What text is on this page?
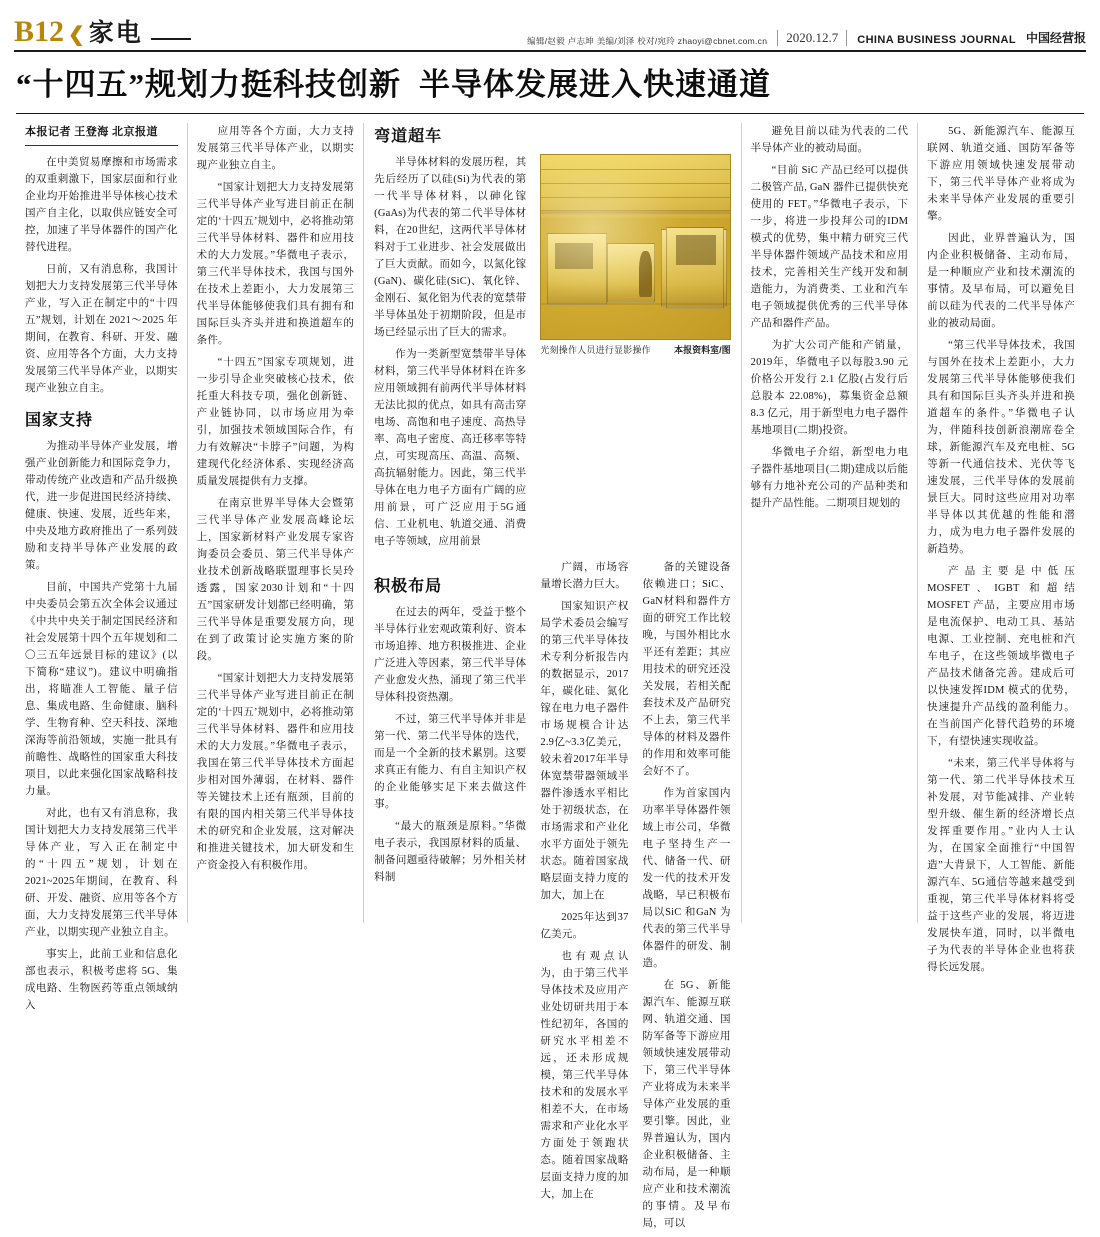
B12 ❮ 家电	编辑/赵毅 卢志坤 美编/刘泽 校对/宛玲 zhaoyi@cbnet.com.cn	2020.12.7	CHINA BUSINESS JOURNAL 中国经营报
“十四五”规划力挺科技创新 半导体发展进入快速通道
本报记者 王登海 北京报道

在中美贸易摩擦和市场需求的双重刺激下，国家层面和行业企业均开始推进半导体核心技术国产自主化，以取供应链安全可控，加速了半导体器件的国产化替代进程。

日前，又有消息称，我国计划把大力支持发展第三代半导体产业，写入正在制定中的“十四五”规划，计划在 2021～2025 年期间，在教育、科研、开发、融资、应用等各个方面，大力支持发展第三代半导体产业，以期实现产业独立自主。

国家支持

为推动半导体产业发展，增强产业创新能力和国际竞争力，带动传统产业改造和产品升级换代，进一步促进国民经济持续、健康、快速、发展，近些年来，中央及地方政府推出了一系列鼓励和支持半导体产业发展的政策。

目前，中国共产党第十九届中央委员会第五次全体会议通过《中共中央关于制定国民经济和社会发展第十四个五年规划和二〇三五年远景目标的建议》(以下简称“建议”)。建议中明确指出，将瞄准人工智能、量子信息、集成电路、生命健康、脑科学、生物育种、空天科技、深地深海等前沿领域，实施一批具有前瞻性、战略性的国家重大科技项目，以此来强化国家战略科技力量。

对此，也有又有消息称，我国计划把大力支持发展第三代半导体产业，写入正在制定中的“十四五”规划，计划在2021~2025年期间，在教育、科研、开发、融资、应用等各个方面，大力支持发展第三代半导体产业，以期实现产业独立自主。

事实上，此前工业和信息化部也表示，积极考虑将 5G、集成电路、生物医药等重点领域纳入

应用等各个方面，大力支持发展第三代半导体产业，以期实现产业独立自主。

“国家计划把大力支持发展第三代半导体产业写进目前正在制定的‘十四五’规划中，必将推动第三代半导体材料、器件和应用技术的大力发展。”华微电子表示，第三代半导体技术，我国与国外在技术上差距小，大力发展第三代半导体能够使我们具有拥有和国际巨头齐头并进和换道超车的条件。

“十四五”国家专项规划，进一步引导企业突破核心技术，依托重大科技专项，强化创新链、产业链协同，以市场应用为牵引，加强技术领域国际合作，有力有效解决“卡脖子”问题，为构建现代化经济体系、实现经济高质量发展提供有力支撑。

在南京世界半导体大会暨第三代半导体产业发展高峰论坛上，国家新材料产业发展专家咨询委员会委员、第三代半导体产业技术创新战略联盟理事长吴玲透露，国家2030计划和“十四五”国家研发计划都已经明确，第三代半导体是重要发展方向，现在到了政策讨论实施方案的阶段。

“国家计划把大力支持发展第三代半导体产业写进目前正在制定的‘十四五’规划中，必将推动第三代半导体材料、器件和应用技术的大力发展。”华微电子表示，我国在第三代半导体技术方面起步相对国外薄弱，在材料、器件等关键技术上还有瓶颈，目前的有限的国内相关第三代半导体技术的研究和企业发展，这对解决和推进关键技术，加大研发和生产资金投入有积极作用。

弯道超车

半导体材料的发展历程，其先后经历了以硅(Si)为代表的第一代半导体材料，以砷化镓(GaAs)为代表的第二代半导体材料，在20世纪，这两代半导体材料对于工业进步、社会发展做出了巨大贡献。而如今，以氮化镓(GaN)、碳化硅(SiC)、氧化锌、金刚石、氮化铝为代表的宽禁带半导体虽处于初期阶段，但是市场已经显示出了巨大的需求。

作为一类新型宽禁带半导体材料，第三代半导体材料在许多应用领域拥有前两代半导体材料无法比拟的优点，如具有高击穿电场、高饱和电子速度、高热导率、高电子密度、高迁移率等特点，可实现高压、高温、高频、高抗辐射能力。因此，第三代半导体在电力电子方面有广阔的应用前景，可广泛应用于5G通信、工业机电、轨道交通、消费电子等领域，应用前景

光刻操作人员进行显影操作	本报资料室/图
积极布局

在过去的两年，受益于整个半导体行业宏观政策利好、资本市场追捧、地方积极推进、企业广泛进入等因素，第三代半导体产业愈发火热，涌现了第三代半导体科投资热潮。

不过，第三代半导体并非是第一代、第二代半导体的迭代，而是一个全新的技术累别。这要求真正有能力、有自主知识产权的企业能够实足下来去做这件事。

“最大的瓶颈是原料。”华微电子表示，我国原材料的质量、制备问题亟待破解；另外相关材料制

广阔，市场容量增长潜力巨大。

国家知识产权局学术委员会编写的第三代半导体技术专利分析报告内的数据显示，2017年，碳化硅、氮化镓在电力电子器件市场规模合计达2.9亿~3.3亿美元，较未着2017年半导体宽禁带器领域半器件渗透水平相比处于初级状态，在市场需求和产业化水平方面处于领先状态。随着国家战略层面支持力度的加大，加上在

2025年达到37亿美元。

也有观点认为，由于第三代半导体技术及应用产业处切研共用于本性纪初年，各国的研究水平相差不远，还未形成规模，第三代半导体技术和的发展水平相差不大，在市场需求和产业化水平方面处于领跑状态。随着国家战略层面支持力度的加大，加上在

备的关键设备依赖进口；SiC、GaN材料和器件方面的研究工作比较晚，与国外相比水平还有差距；其应用技术的研究还没关发展，若相关配套技术及产品研究不上去，第三代半导体的材料及器件的作用和效率可能会好不了。

作为首家国内功率半导体器件领域上市公司，华微电子坚持生产一代、储备一代、研发一代的技术开发战略，早已积极布局以SiC 和GaN 为代表的第三代半导体器件的研发、制造。

在 5G、新能源汽车、能源互联网、轨道交通、国防军备等下游应用领域快速发展带动下，第三代半导体产业将成为未来半导体产业发展的重要引擎。因此，业界普遍认为，国内企业积极储备、主动布局，是一种顺应产业和技术潮流的事情。及早布局，可以

避免目前以硅为代表的二代半导体产业的被动局面。

“目前 SiC 产品已经可以提供二极管产品, GaN 器件已提供快充使用的 FET。”华微电子表示，下一步，将进一步投拜公司的IDM模式的优势，集中精力研究三代半导体器件领域产品技术和应用技术，完善相关生产线开发和制造能力，为消费类、工业和汽车电子领域提供优秀的三代半导体产品和器件产品。

为扩大公司产能和产销量，2019年，华微电子以每股3.90 元价格公开发行 2.1 亿股(占发行后总股本 22.08%)，募集资金总额 8.3 亿元，用于新型电力电子器件基地项目(二期)投资。

华微电子介绍，新型电力电子器件基地项目(二期)建成以后能够有力地补充公司的产品种类和提升产品性能。二期项目规划的

5G、新能源汽车、能源互联网、轨道交通、国防军备等下游应用领域快速发展带动下，第三代半导体产业将成为未来半导体产业发展的重要引擎。

因此，业界普遍认为，国内企业积极储备、主动布局，是一种顺应产业和技术潮流的事情。及早布局，可以避免目前以硅为代表的二代半导体产业的被动局面。

“第三代半导体技术，我国与国外在技术上差距小，大力发展第三代半导体能够使我们具有和国际巨头齐头并进和换道超车的条件。”华微电子认为，伴随科技创新浪潮席卷全球，新能源汽车及充电桩、5G等新一代通信技术、光伏等飞速发展，三代半导体的发展前景巨大。同时这些应用对功率半导体以其优越的性能和潜力，成为电力电子器件发展的新趋势。

产品主要是中低压 MOSFET、IGBT 和超结 MOSFET 产品，主要应用市场是电流保护、电动工具、基站电源、工业控制、充电桩和汽车电子，在这些领域毕微电子产品技术储备完善。建成后可以快速发挥IDM 模式的优势，快速提升产品线的盈利能力。在当前国产化替代趋势的环境下，有望快速实现收益。

“未来，第三代半导体将与第一代、第二代半导体技术互补发展，对节能减排、产业转型升级、催生新的经济增长点发挥重要作用。”业内人士认为，在国家全面推行“中国智造”大背景下，人工智能、新能源汽车、5G通信等越来越受到重视，第三代半导体材料将受益于这些产业的发展，将迈进发展快车道，同时，以半微电子为代表的半导体企业也将获得长远发展。
